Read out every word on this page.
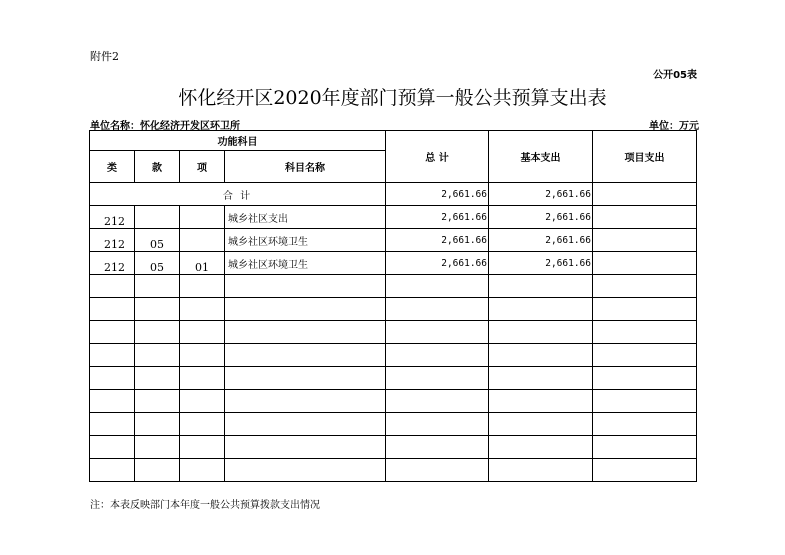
附件2
公开05表
怀化经开区2020年度部门预算一般公共预算支出表
单位名称：怀化经济开发区环卫所	单位：万元
功能科目				总 计	基本支出	项目支出
类	款	项	科目名称			
合 计				2,661.66	2,661.66	
212			城乡社区支出	2,661.66	2,661.66	
212	05		城乡社区环境卫生	2,661.66	2,661.66	
212	05	01	城乡社区环境卫生	2,661.66	2,661.66	

注：本表反映部门本年度一般公共预算拨款支出情况
